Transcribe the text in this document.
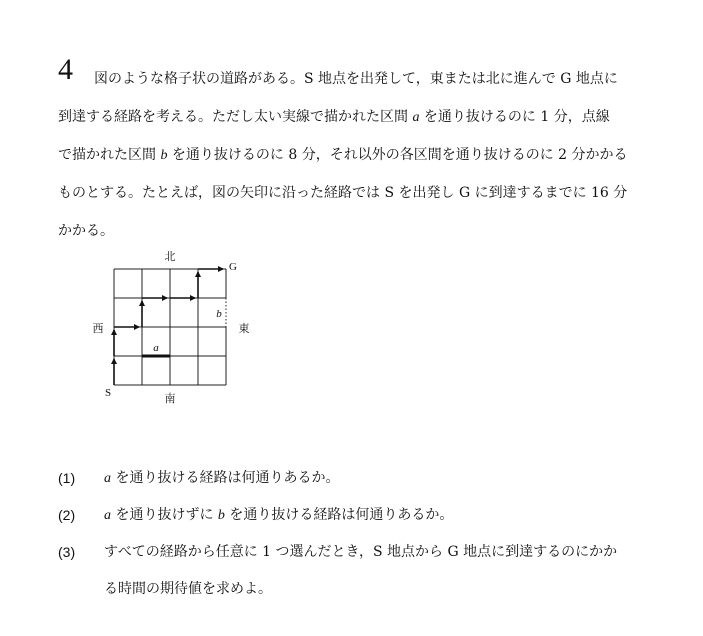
4	図のような格子状の道路がある。S 地点を出発して，東または北に進んで G 地点に
到達する経路を考える。ただし太い実線で描かれた区間 a を通り抜けるのに 1 分，点線
で描かれた区間 b を通り抜けるのに 8 分，それ以外の各区間を通り抜けるのに 2 分かかる
ものとする。たとえば，図の矢印に沿った経路では S を出発し G に到達するまでに 16 分
かかる。
北
南
西	東
S
G
a
b
(1) a を通り抜ける経路は何通りあるか。
(2) a を通り抜けずに b を通り抜ける経路は何通りあるか。
(3) すべての経路から任意に 1 つ選んだとき，S 地点から G 地点に到達するのにかか
る時間の期待値を求めよ。
